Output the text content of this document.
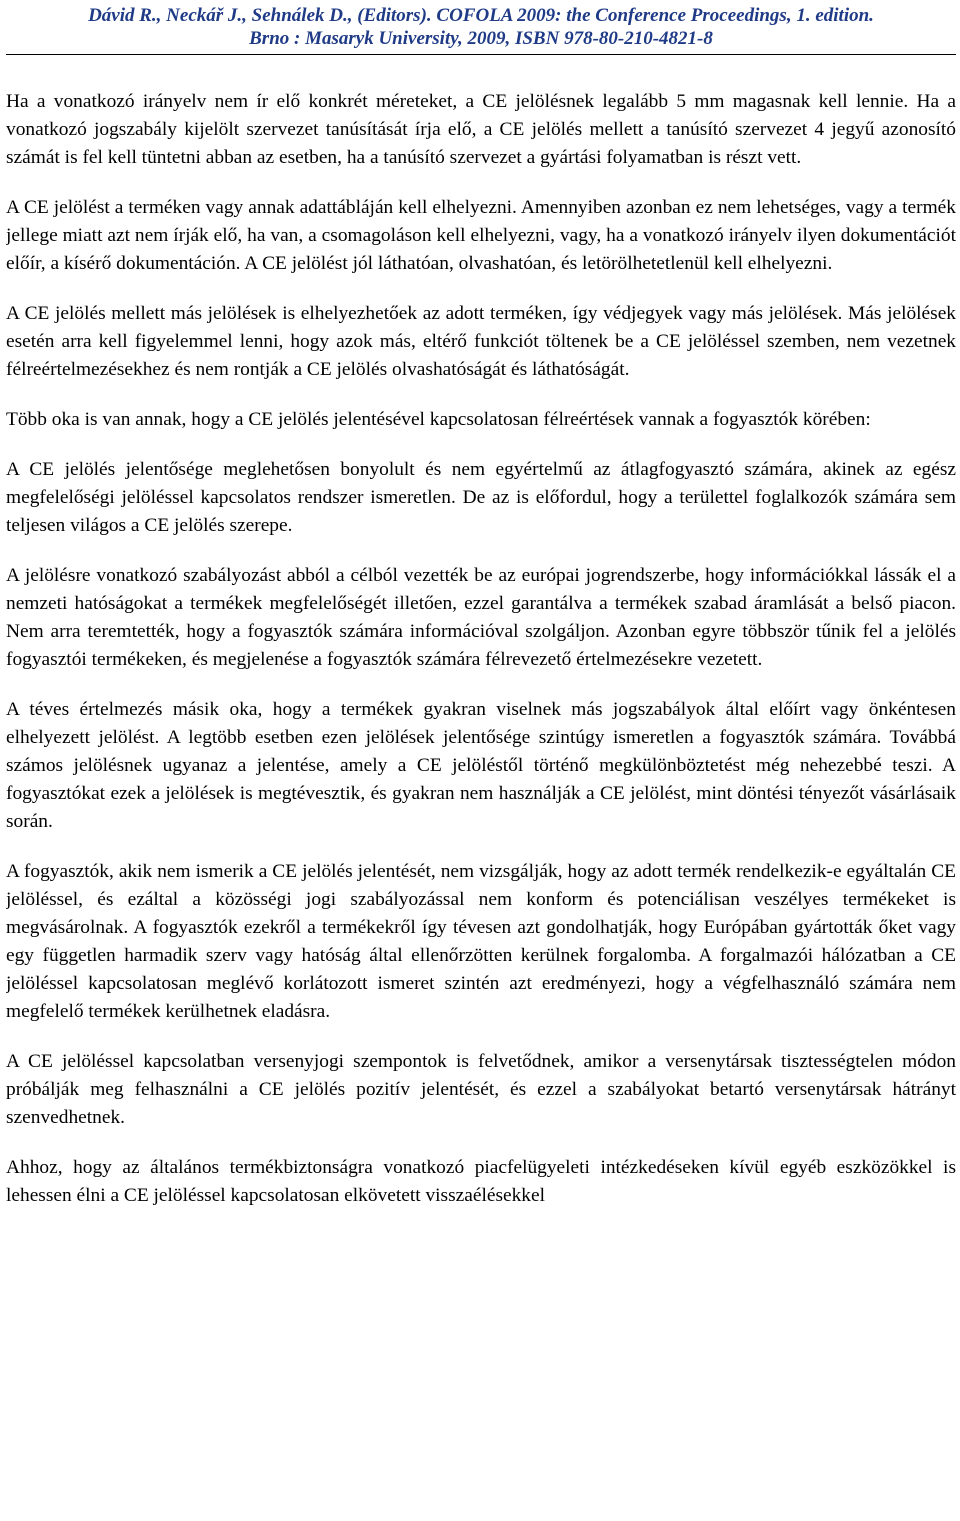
Dávid R., Neckář J., Sehnálek D., (Editors). COFOLA 2009: the Conference Proceedings, 1. edition.
Brno : Masaryk University, 2009, ISBN 978-80-210-4821-8

Ha a vonatkozó irányelv nem ír elő konkrét méreteket, a CE jelölésnek legalább 5 mm magasnak kell lennie. Ha a vonatkozó jogszabály kijelölt szervezet tanúsítását írja elő, a CE jelölés mellett a tanúsító szervezet 4 jegyű azonosító számát is fel kell tüntetni abban az esetben, ha a tanúsító szervezet a gyártási folyamatban is részt vett.

A CE jelölést a terméken vagy annak adattábláján kell elhelyezni. Amennyiben azonban ez nem lehetséges, vagy a termék jellege miatt azt nem írják elő, ha van, a csomagoláson kell elhelyezni, vagy, ha a vonatkozó irányelv ilyen dokumentációt előír, a kísérő dokumentáción. A CE jelölést jól láthatóan, olvashatóan, és letörölhetetlenül kell elhelyezni.

A CE jelölés mellett más jelölések is elhelyezhetőek az adott terméken, így védjegyek vagy más jelölések. Más jelölések esetén arra kell figyelemmel lenni, hogy azok más, eltérő funkciót töltenek be a CE jelöléssel szemben, nem vezetnek félreértelmezésekhez és nem rontják a CE jelölés olvashatóságát és láthatóságát.

Több oka is van annak, hogy a CE jelölés jelentésével kapcsolatosan félreértések vannak a fogyasztók körében:

A CE jelölés jelentősége meglehetősen bonyolult és nem egyértelmű az átlagfogyasztó számára, akinek az egész megfelelőségi jelöléssel kapcsolatos rendszer ismeretlen. De az is előfordul, hogy a területtel foglalkozók számára sem teljesen világos a CE jelölés szerepe.

A jelölésre vonatkozó szabályozást abból a célból vezették be az európai jogrendszerbe, hogy információkkal lássák el a nemzeti hatóságokat a termékek megfelelőségét illetően, ezzel garantálva a termékek szabad áramlását a belső piacon. Nem arra teremtették, hogy a fogyasztók számára információval szolgáljon. Azonban egyre többször tűnik fel a jelölés fogyasztói termékeken, és megjelenése a fogyasztók számára félrevezető értelmezésekre vezetett.

A téves értelmezés másik oka, hogy a termékek gyakran viselnek más jogszabályok által előírt vagy önkéntesen elhelyezett jelölést. A legtöbb esetben ezen jelölések jelentősége szintúgy ismeretlen a fogyasztók számára. Továbbá számos jelölésnek ugyanaz a jelentése, amely a CE jelöléstől történő megkülönböztetést még nehezebbé teszi. A fogyasztókat ezek a jelölések is megtévesztik, és gyakran nem használják a CE jelölést, mint döntési tényezőt vásárlásaik során.

A fogyasztók, akik nem ismerik a CE jelölés jelentését, nem vizsgálják, hogy az adott termék rendelkezik-e egyáltalán CE jelöléssel, és ezáltal a közösségi jogi szabályozással nem konform és potenciálisan veszélyes termékeket is megvásárolnak. A fogyasztók ezekről a termékekről így tévesen azt gondolhatják, hogy Európában gyártották őket vagy egy független harmadik szerv vagy hatóság által ellenőrzötten kerülnek forgalomba. A forgalmazói hálózatban a CE jelöléssel kapcsolatosan meglévő korlátozott ismeret szintén azt eredményezi, hogy a végfelhasználó számára nem megfelelő termékek kerülhetnek eladásra.

A CE jelöléssel kapcsolatban versenyjogi szempontok is felvetődnek, amikor a versenytársak tisztességtelen módon próbálják meg felhasználni a CE jelölés pozitív jelentését, és ezzel a szabályokat betartó versenytársak hátrányt szenvedhetnek.

Ahhoz, hogy az általános termékbiztonságra vonatkozó piacfelügyeleti intézkedéseken kívül egyéb eszközökkel is lehessen élni a CE jelöléssel kapcsolatosan elkövetett visszaélésekkel
